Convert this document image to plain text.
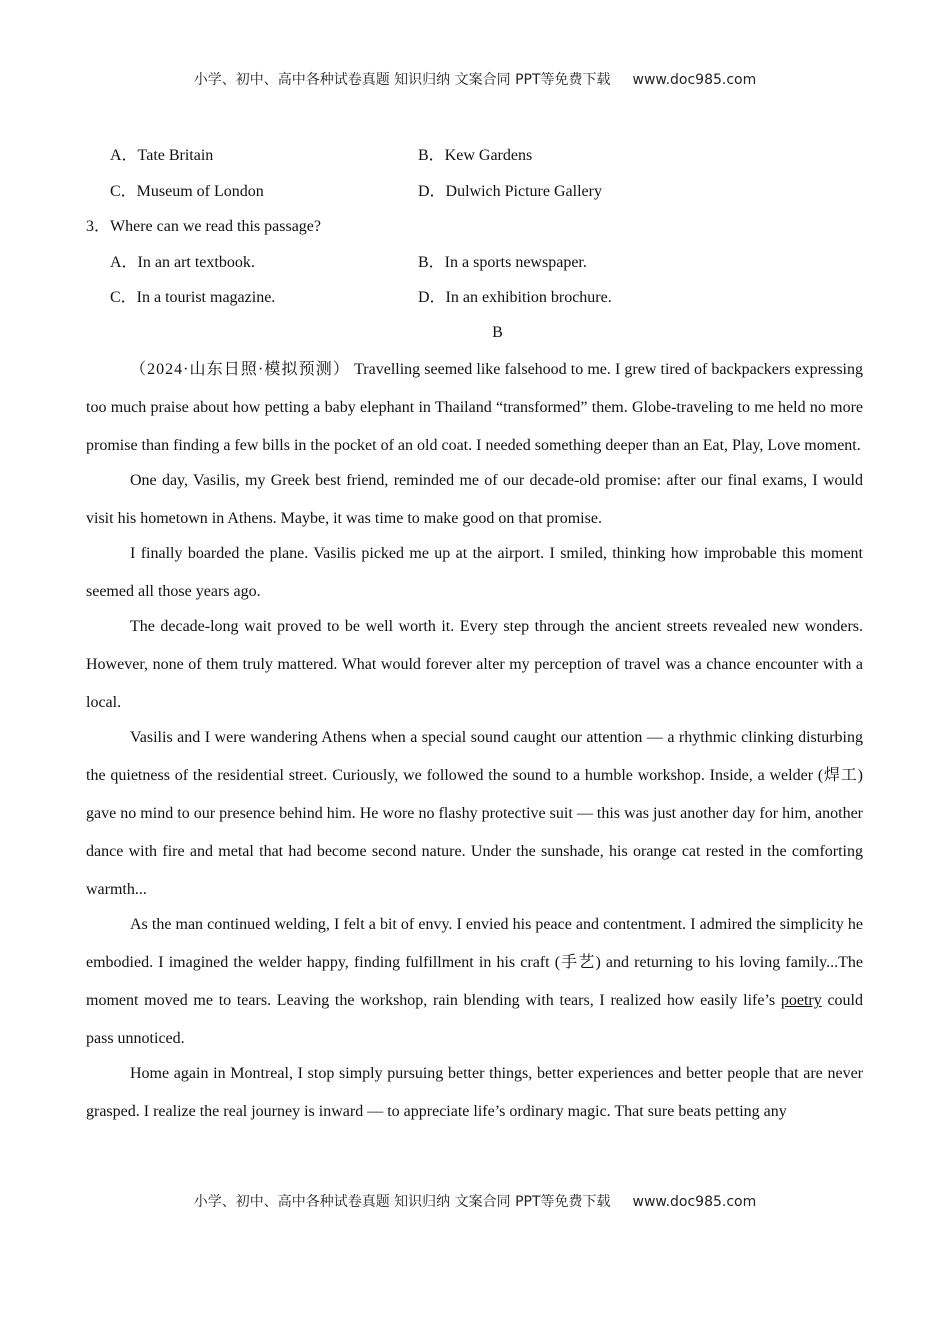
小学、初中、高中各种试卷真题 知识归纳 文案合同 PPT等免费下载 www.doc985.com
A．Tate Britain	B．Kew Gardens
C．Museum of London	D．Dulwich Picture Gallery
3．Where can we read this passage?
A．In an art textbook.	B．In a sports newspaper.
C．In a tourist magazine.	D．In an exhibition brochure.
B

（2024·山东日照·模拟预测） Travelling seemed like falsehood to me. I grew tired of backpackers expressing too much praise about how petting a baby elephant in Thailand “transformed” them. Globe-traveling to me held no more promise than finding a few bills in the pocket of an old coat. I needed something deeper than an Eat, Play, Love moment.

One day, Vasilis, my Greek best friend, reminded me of our decade-old promise: after our final exams, I would visit his hometown in Athens. Maybe, it was time to make good on that promise.

I finally boarded the plane. Vasilis picked me up at the airport. I smiled, thinking how improbable this moment seemed all those years ago.

The decade-long wait proved to be well worth it. Every step through the ancient streets revealed new wonders. However, none of them truly mattered. What would forever alter my perception of travel was a chance encounter with a local.

Vasilis and I were wandering Athens when a special sound caught our attention — a rhythmic clinking disturbing the quietness of the residential street. Curiously, we followed the sound to a humble workshop. Inside, a welder (焊工) gave no mind to our presence behind him. He wore no flashy protective suit — this was just another day for him, another dance with fire and metal that had become second nature. Under the sunshade, his orange cat rested in the comforting warmth...

As the man continued welding, I felt a bit of envy. I envied his peace and contentment. I admired the simplicity he embodied. I imagined the welder happy, finding fulfillment in his craft (手艺) and returning to his loving family...The moment moved me to tears. Leaving the workshop, rain blending with tears, I realized how easily life’s poetry could pass unnoticed.

Home again in Montreal, I stop simply pursuing better things, better experiences and better people that are never grasped. I realize the real journey is inward — to appreciate life’s ordinary magic. That sure beats petting any

小学、初中、高中各种试卷真题 知识归纳 文案合同 PPT等免费下载 www.doc985.com
